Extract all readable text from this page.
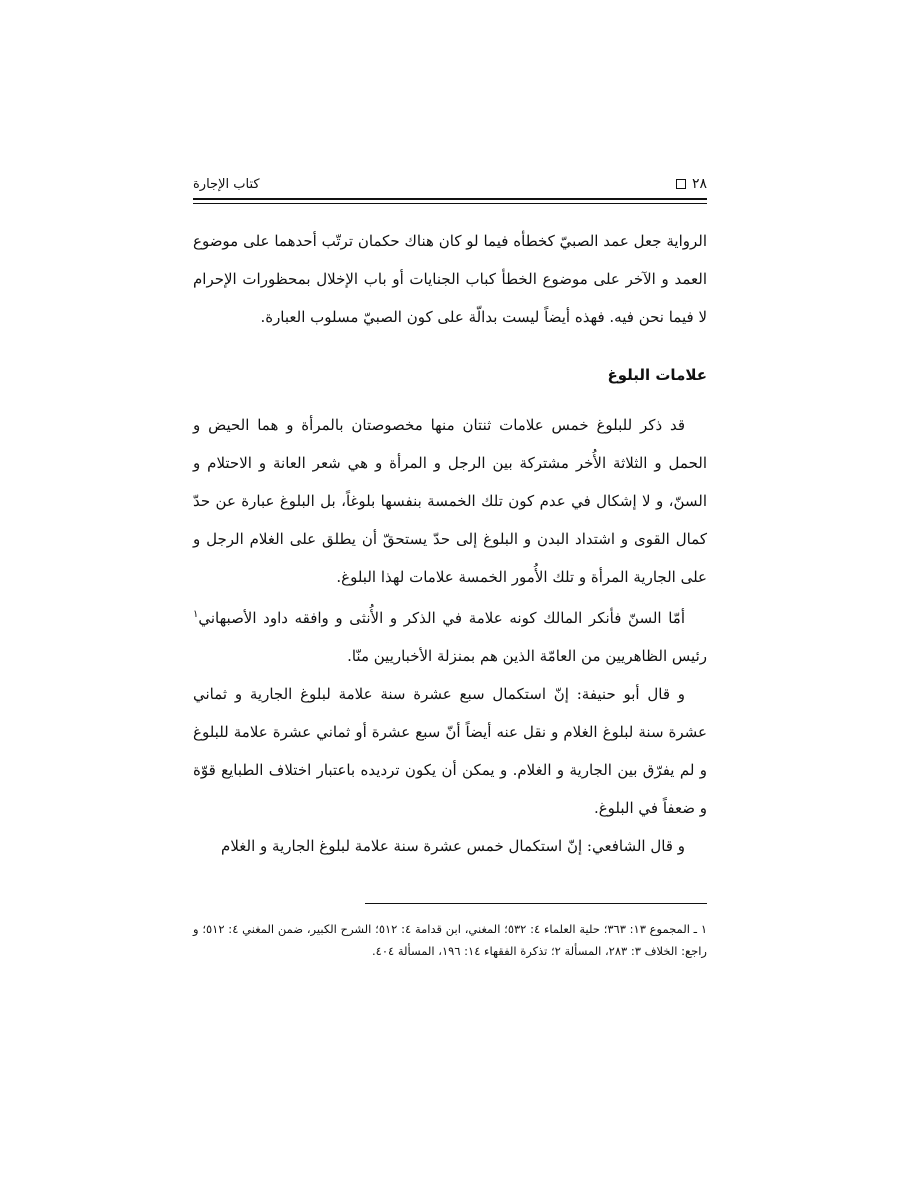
٢٨
كتاب الإجارة

الرواية جعل عمد الصبيّ كخطأه فيما لو كان هناك حكمان ترتّب أحدهما على موضوع العمد و الآخر على موضوع الخطأ كباب الجنايات أو باب الإخلال بمحظورات الإحرام لا فيما نحن فيه. فهذه أيضاً ليست بدالّة على كون الصبيّ مسلوب العبارة.

علامات البلوغ

قد ذكر للبلوغ خمس علامات ثنتان منها مخصوصتان بالمرأة و هما الحيض و الحمل و الثلاثة الأُخر مشتركة بين الرجل و المرأة و هي شعر العانة و الاحتلام و السنّ، و لا إشكال في عدم كون تلك الخمسة بنفسها بلوغاً، بل البلوغ عبارة عن حدّ كمال القوى و اشتداد البدن و البلوغ إلى حدّ يستحقّ أن يطلق على الغلام الرجل و على الجارية المرأة و تلك الأُمور الخمسة علامات لهذا البلوغ.

أمّا السنّ فأنكر المالك كونه علامة في الذكر و الأُنثى و وافقه داود الأصبهاني$^١$ رئيس الظاهريين من العامّة الذين هم بمنزلة الأخباريين منّا.

و قال أبو حنيفة: إنّ استكمال سبع عشرة سنة علامة لبلوغ الجارية و ثماني عشرة سنة لبلوغ الغلام و نقل عنه أيضاً أنّ سبع عشرة أو ثماني عشرة علامة للبلوغ و لم يفرّق بين الجارية و الغلام. و يمكن أن يكون ترديده باعتبار اختلاف الطبايع قوّة و ضعفاً في البلوغ.

و قال الشافعي: إنّ استكمال خمس عشرة سنة علامة لبلوغ الجارية و الغلام

١ ـ المجموع ١٣: ٣٦٣؛ حلية العلماء ٤: ٥٣٢؛ المغني، ابن قدامة ٤: ٥١٢؛ الشرح الكبير، ضمن المغني ٤: ٥١٢؛ و راجع: الخلاف ٣: ٢٨٣، المسألة ٢؛ تذكرة الفقهاء ١٤: ١٩٦، المسألة ٤٠٤.
